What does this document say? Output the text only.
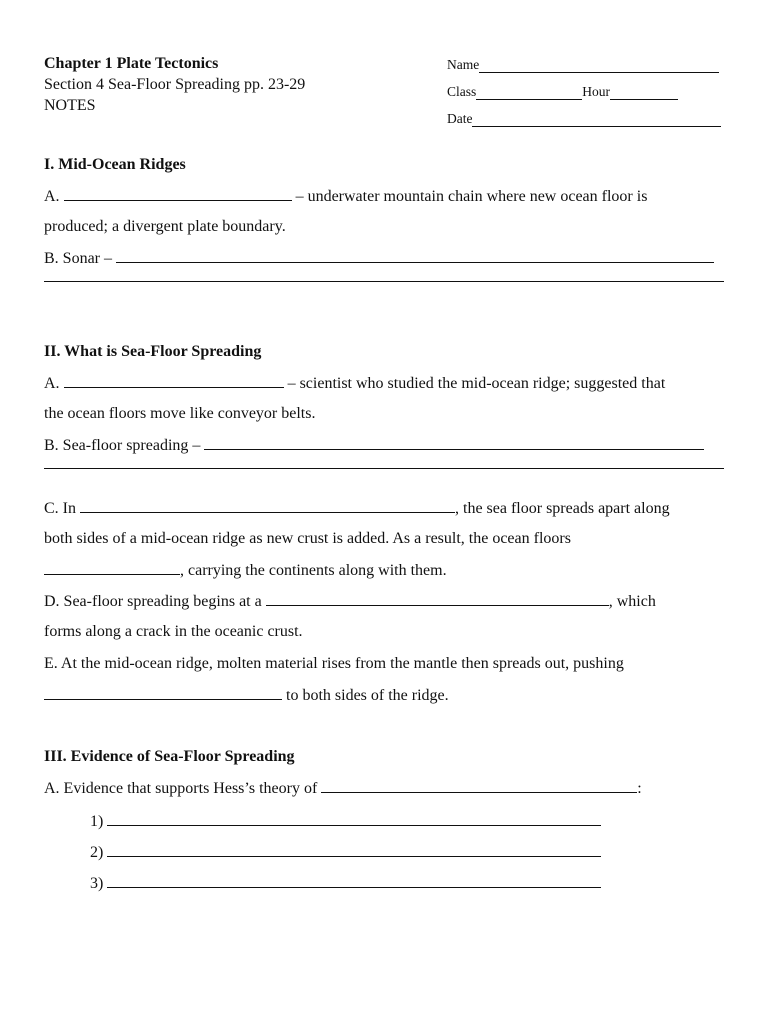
Chapter 1 Plate Tectonics
Section 4 Sea-Floor Spreading pp. 23-29
NOTES
Name
Class	Hour
Date
I. Mid-Ocean Ridges
A.	– underwater mountain chain where new ocean floor is
produced; a divergent plate boundary.
B. Sonar –
II. What is Sea-Floor Spreading
A.	– scientist who studied the mid-ocean ridge; suggested that
the ocean floors move like conveyor belts.
B. Sea-floor spreading –
C. In	, the sea floor spreads apart along
both sides of a mid-ocean ridge as new crust is added. As a result, the ocean floors
, carrying the continents along with them.
D. Sea-floor spreading begins at a	, which
forms along a crack in the oceanic crust.
E. At the mid-ocean ridge, molten material rises from the mantle then spreads out, pushing
to both sides of the ridge.
III. Evidence of Sea-Floor Spreading
A. Evidence that supports Hess’s theory of	:
1)
2)
3)
